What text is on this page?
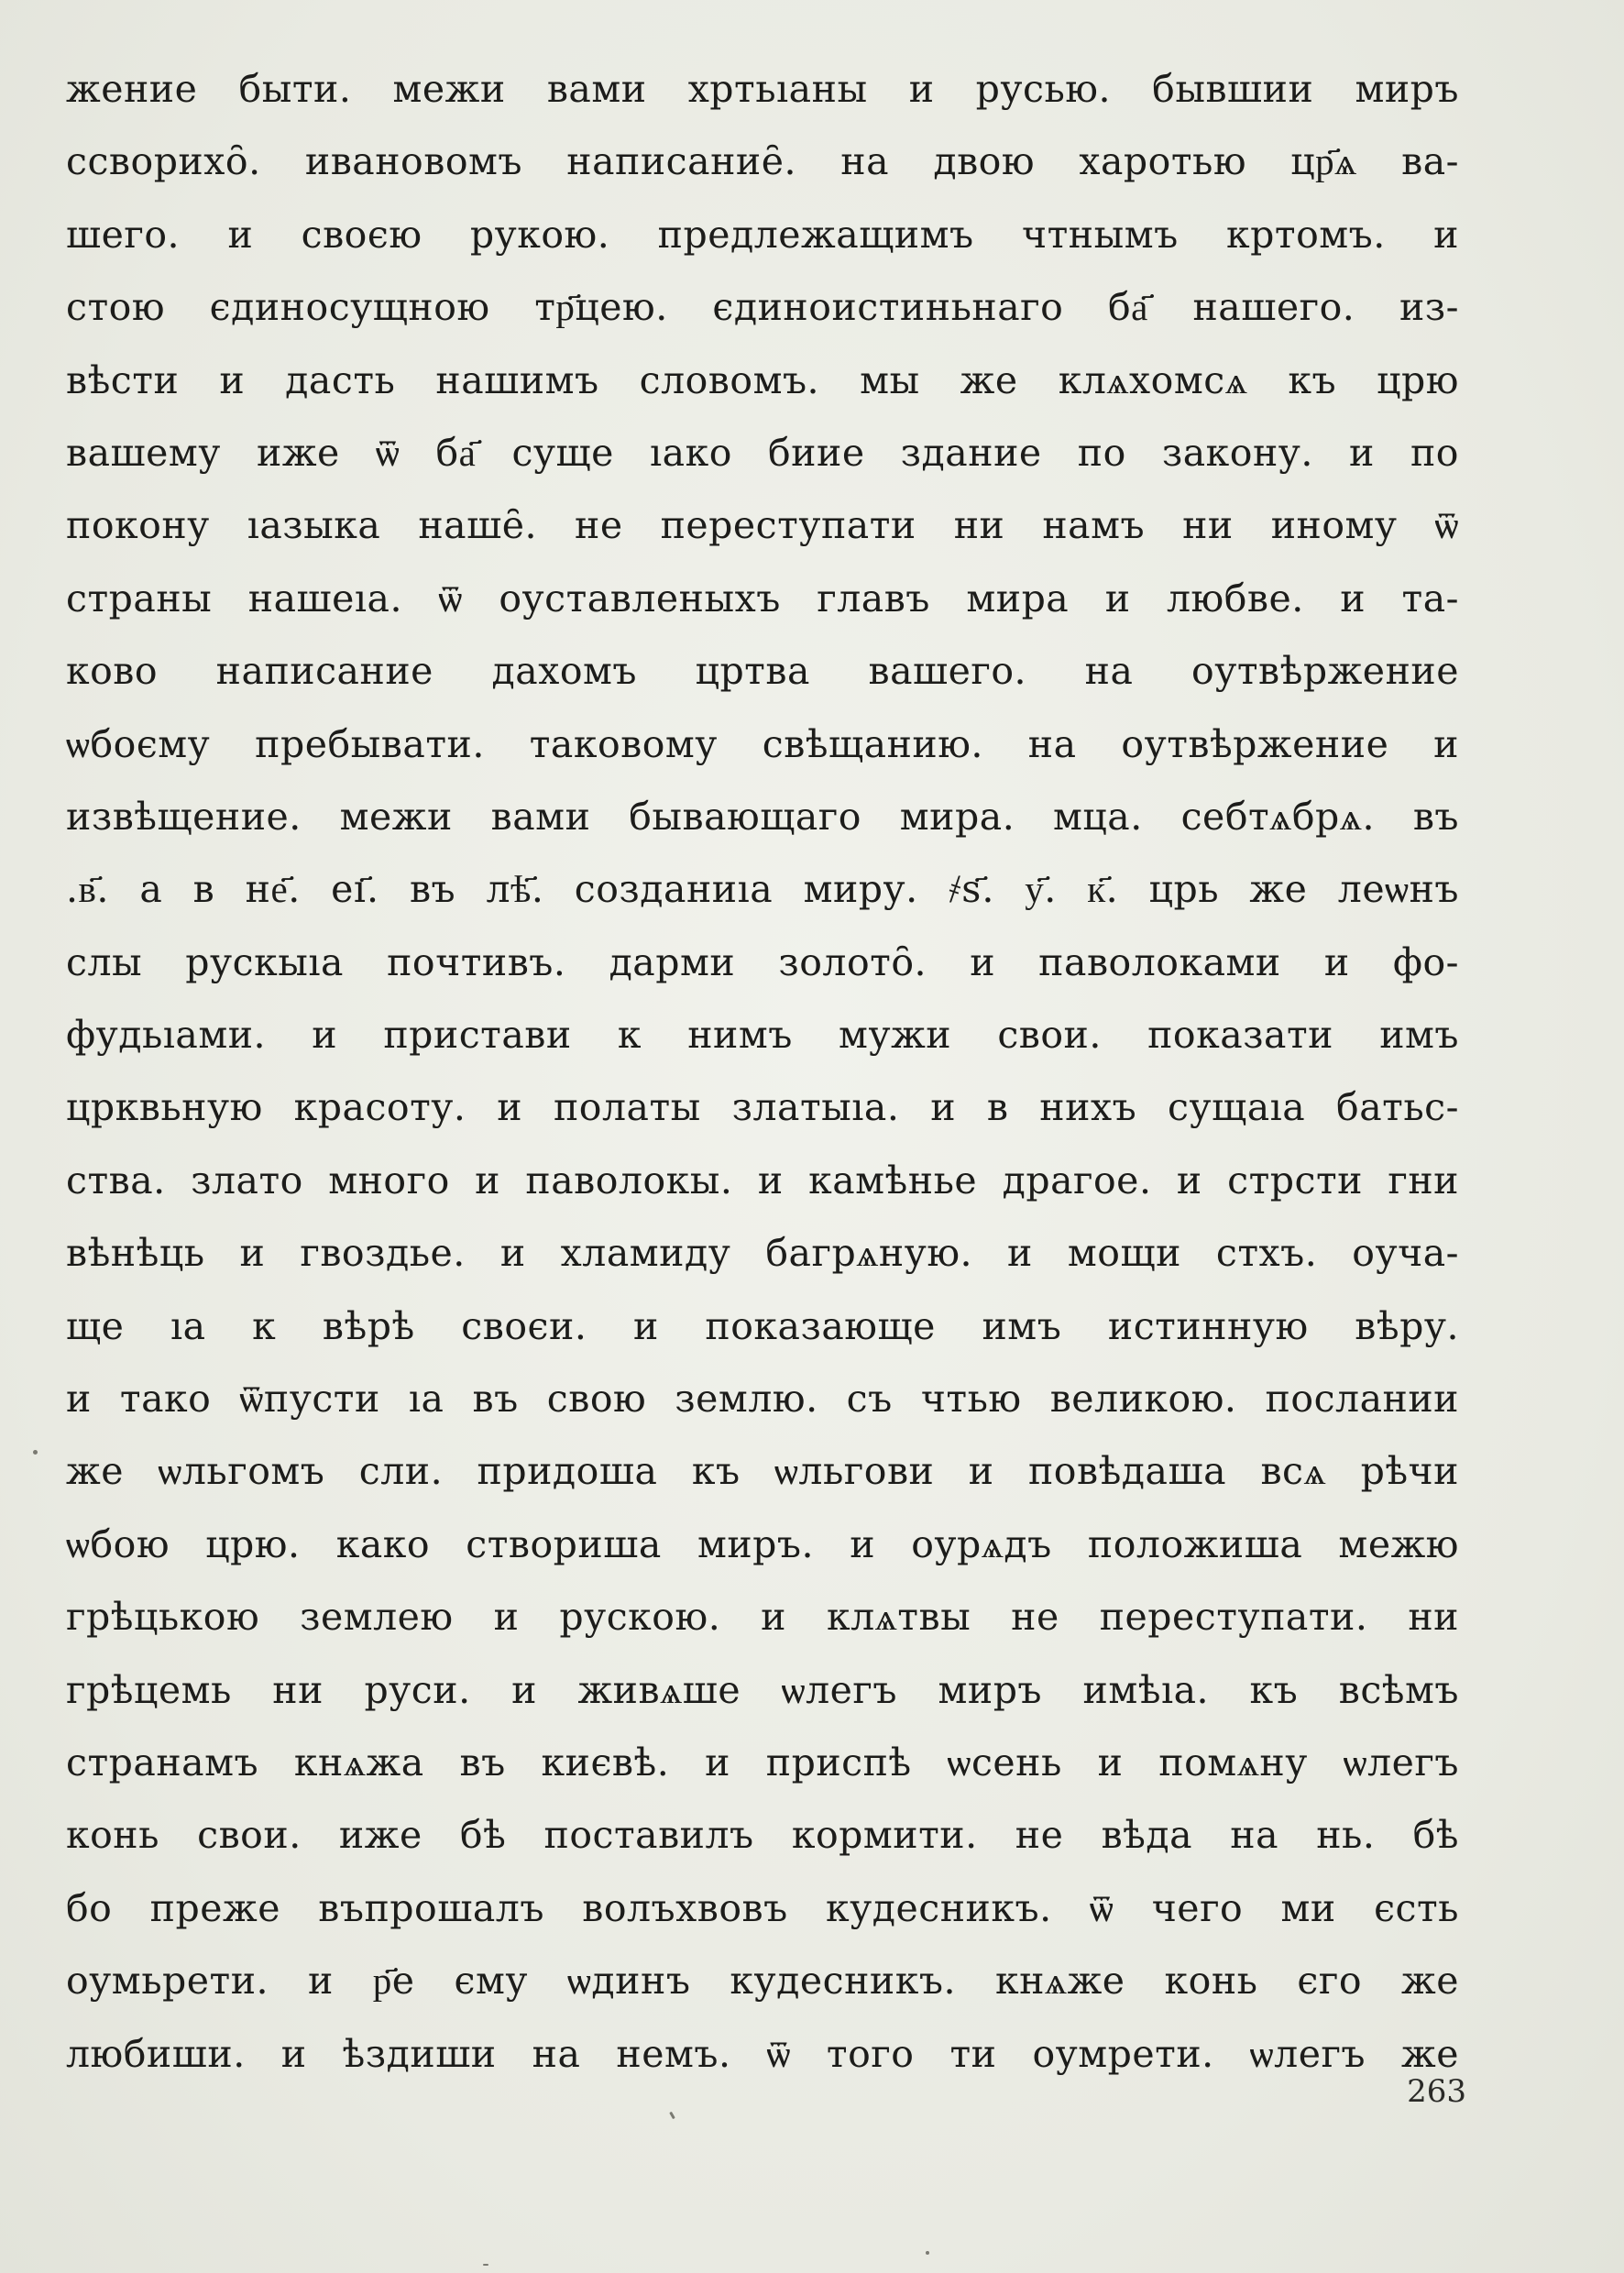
жение быти. межи вами хртьıаны и русью. бывшии миръ
ссворихо̑. ивановомъ написание̑. на двою харотью цр҃ѧ ва-
шего. и своєю рукою. предлежащимъ чтнымъ кртомъ. и
стою єдиносущною тр҃цею. єдиноистиньнаго ба҃ нашего. из-
вѣсти и дасть нашимъ словомъ. мы же клѧхомсѧ къ црю
вашему иже ѿ ба҃ суще ıако биие здание по закону. и по
покону ıазыка наше̑. не переступати ни намъ ни иному ѿ
страны нашеıа. ѿ оуставленыхъ главъ мира и любве. и та-
ково написание дахомъ цртва вашего. на оутвѣржение
ѡбоєму пребывати. таковому свѣщанию. на оутвѣржение и
извѣщение. межи вами бывающаго мира. мца. себтѧбрѧ. въ
.в҃. а в не҃. еı҃. въ лѣ҃. созданиıа миру. ҂s҃. у҃. к҃. црь же леѡнъ
слы рускыıа почтивъ. дарми золото̑. и паволоками и фо-
фудьıами. и пристави к нимъ мужи свои. показати имъ
црквьную красоту. и полаты златыıа. и в нихъ сущаıа батьс-
ства. злато много и паволокы. и камѣнье драгое. и стрсти гни
вѣнѣць и гвоздье. и хламиду багрѧную. и мощи стхъ. оуча-
ще ıа к вѣрѣ своєи. и показающе имъ истинную вѣру.
и тако ѿпусти ıа въ свою землю. съ чтью великою. послании
же ѡльгомъ сли. придоша къ ѡльгови и повѣдаша всѧ рѣчи
ѡбою црю. како створиша миръ. и оурѧдъ положиша межю
грѣцькою землею и рускою. и клѧтвы не переступати. ни
грѣцемь ни руси. и живѧше ѡлегъ миръ имѣıа. къ всѣмъ
странамъ кнѧжа въ києвѣ. и приспѣ ѡсень и помѧну ѡлегъ
конь свои. иже бѣ поставилъ кормити. не вѣда на нь. бѣ
бо преже въпрошалъ волъхвовъ кудесникъ. ѿ чего ми єсть
оумьрети. и р҃е єму ѡдинъ кудесникъ. кнѧже конь єго же
любиши. и ѣздиши на немъ. ѿ того ти оумрети. ѡлегъ же
263
